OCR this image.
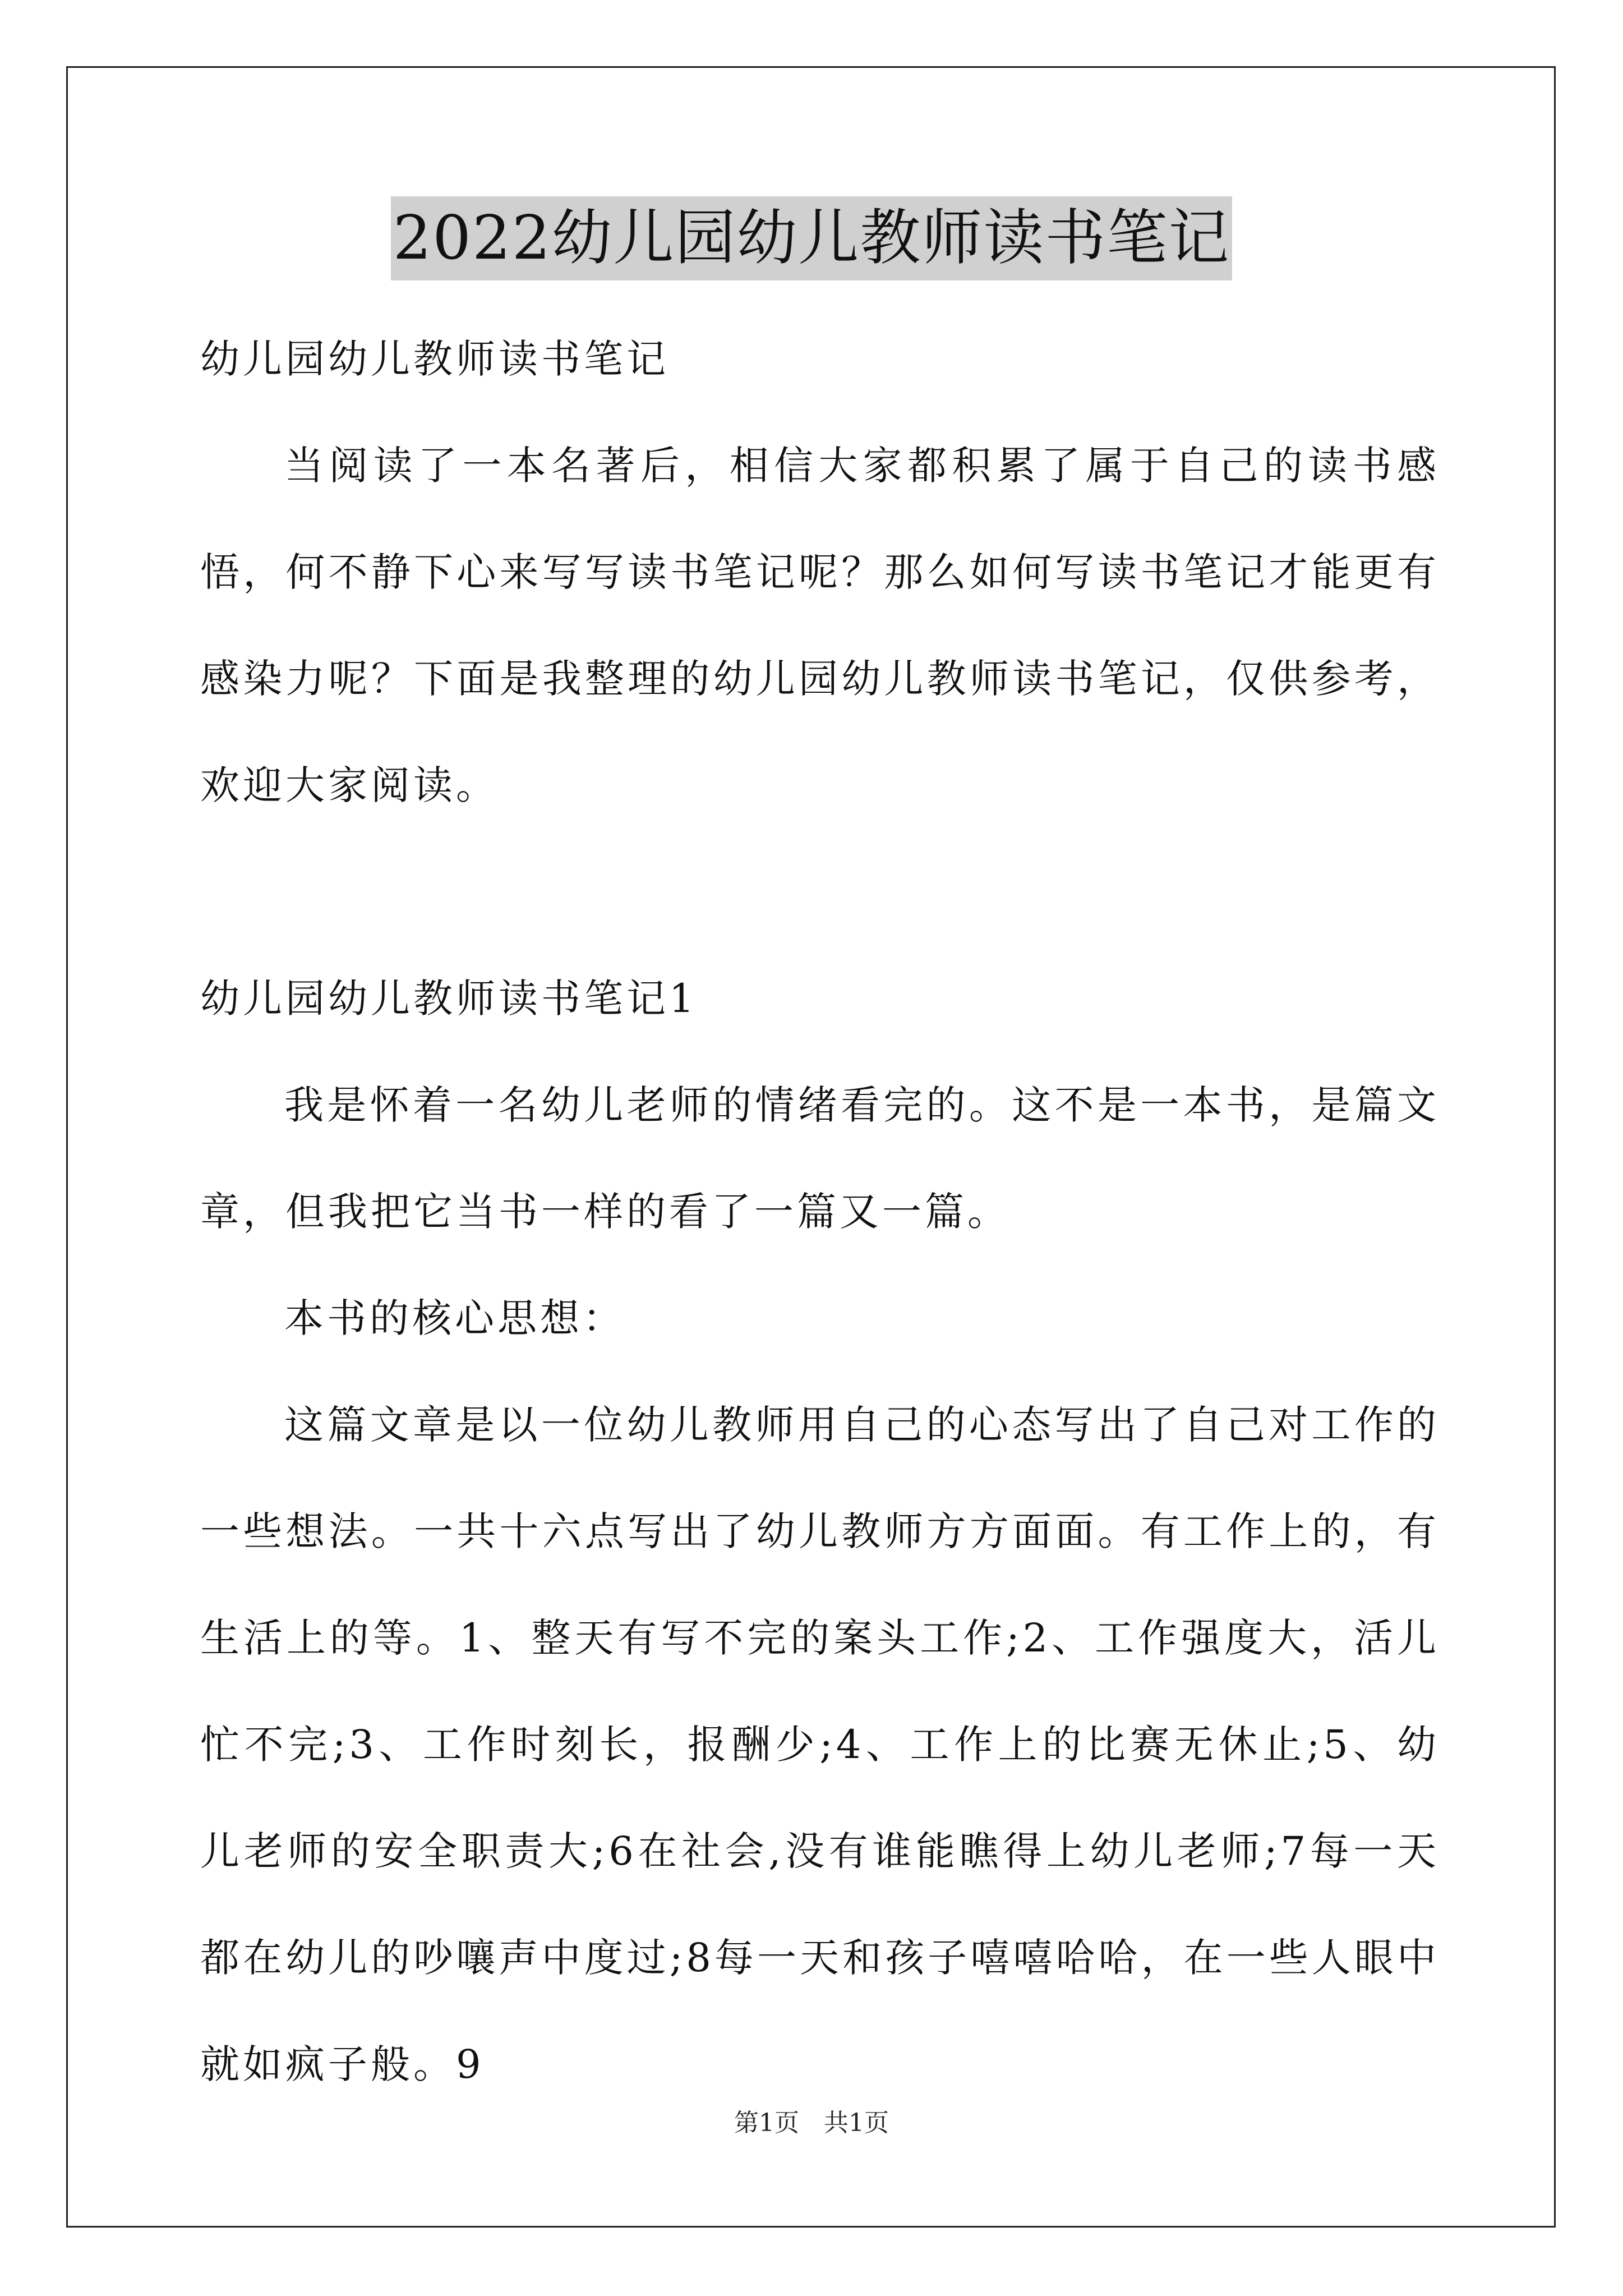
2022幼儿园幼儿教师读书笔记

幼儿园幼儿教师读书笔记

当阅读了一本名著后，相信大家都积累了属于自己的读书感悟，何不静下心来写写读书笔记呢？那么如何写读书笔记才能更有感染力呢？下面是我整理的幼儿园幼儿教师读书笔记，仅供参考，欢迎大家阅读。

幼儿园幼儿教师读书笔记1

我是怀着一名幼儿老师的情绪看完的。这不是一本书，是篇文章，但我把它当书一样的看了一篇又一篇。

本书的核心思想：

这篇文章是以一位幼儿教师用自己的心态写出了自己对工作的一些想法。一共十六点写出了幼儿教师方方面面。有工作上的，有生活上的等。1、整天有写不完的案头工作;2、工作强度大，活儿忙不完;3、工作时刻长，报酬少;4、工作上的比赛无休止;5、幼儿老师的安全职责大;6在社会,没有谁能瞧得上幼儿老师;7每一天都在幼儿的吵嚷声中度过;8每一天和孩子嘻嘻哈哈，在一些人眼中就如疯子般。9

第1页　共1页
